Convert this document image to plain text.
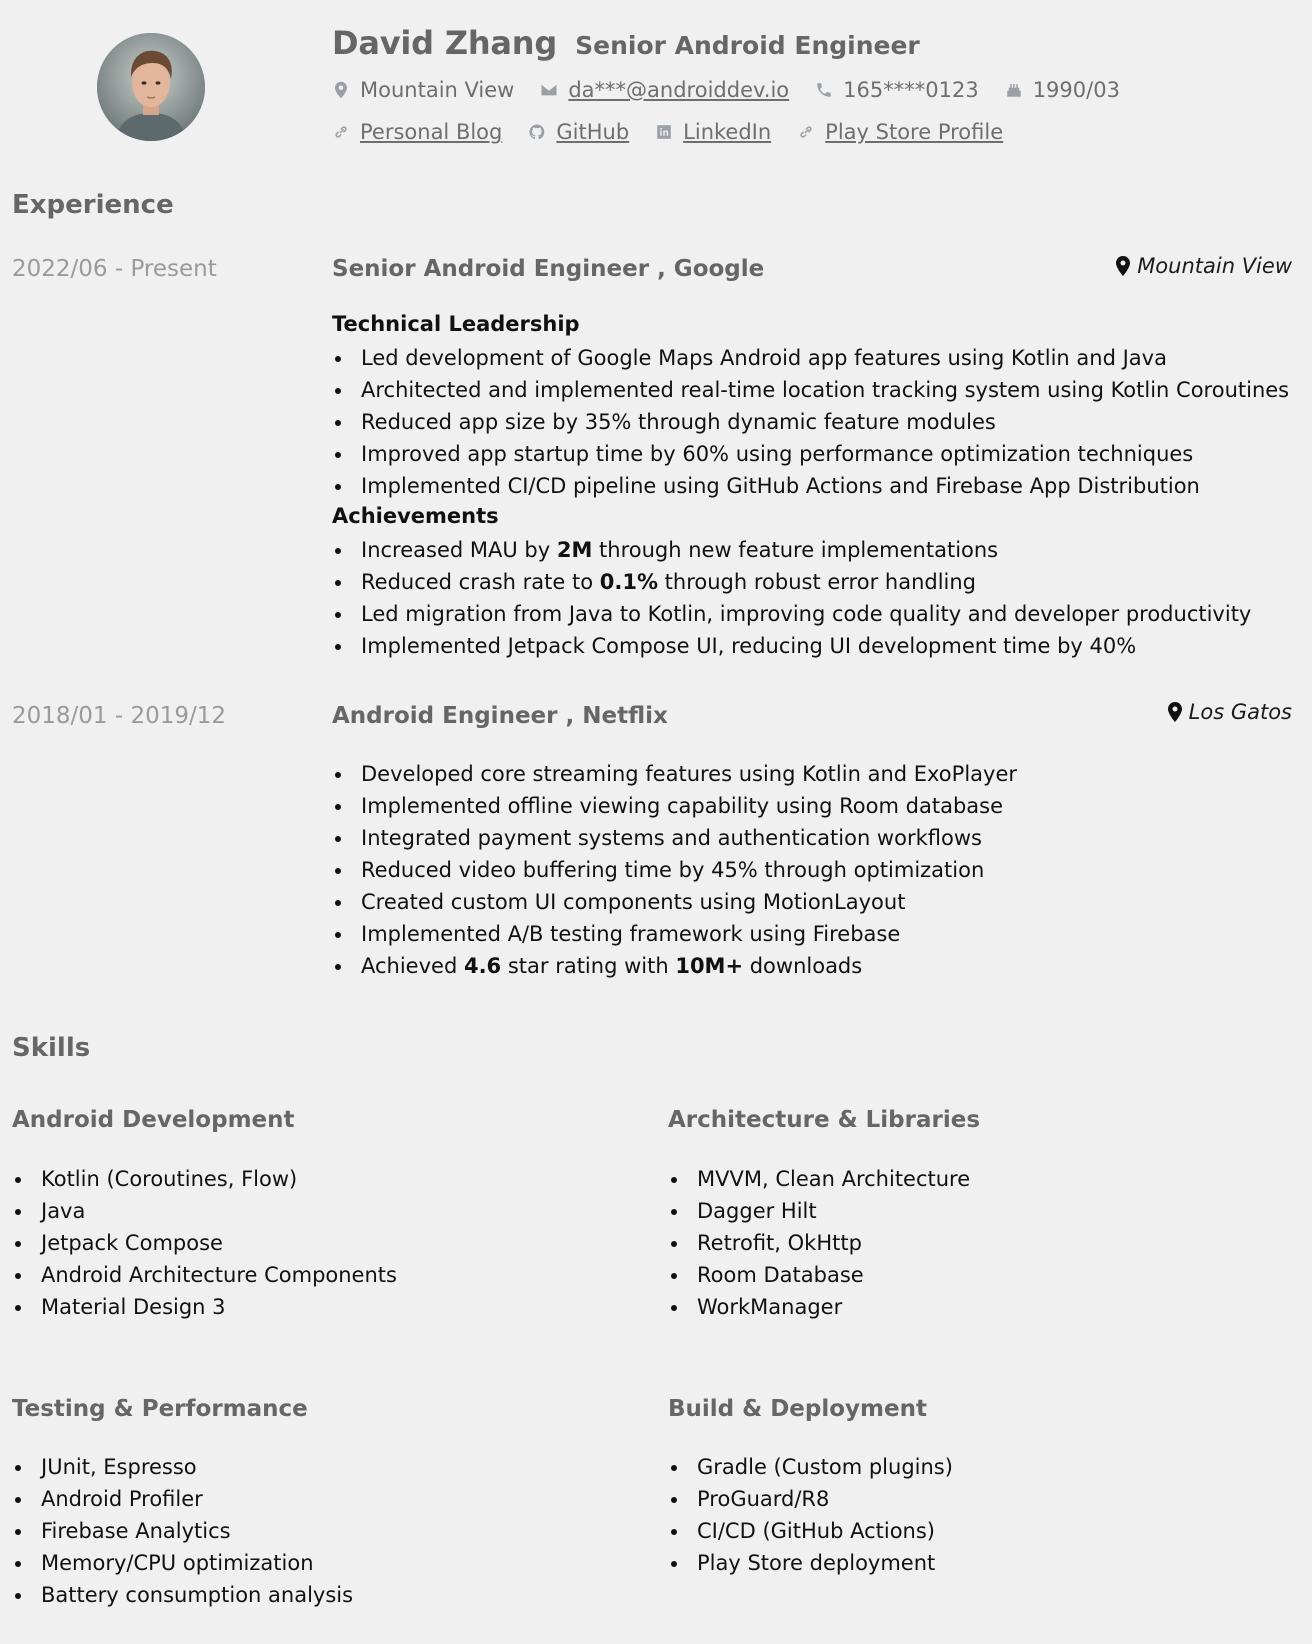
David Zhang Senior Android Engineer
Mountain View	da***@androiddev.io	165****0123	1990/03
Personal Blog	GitHub	LinkedIn	Play Store Profile
Experience
2022/06 - Present	Senior Android Engineer , Google	Mountain View
Technical Leadership
Led development of Google Maps Android app features using Kotlin and Java
Architected and implemented real-time location tracking system using Kotlin Coroutines
Reduced app size by 35% through dynamic feature modules
Improved app startup time by 60% using performance optimization techniques
Implemented CI/CD pipeline using GitHub Actions and Firebase App Distribution
Achievements
Increased MAU by 2M through new feature implementations
Reduced crash rate to 0.1% through robust error handling
Led migration from Java to Kotlin, improving code quality and developer productivity
Implemented Jetpack Compose UI, reducing UI development time by 40%
2018/01 - 2019/12	Android Engineer , Netflix	Los Gatos
Developed core streaming features using Kotlin and ExoPlayer
Implemented offline viewing capability using Room database
Integrated payment systems and authentication workflows
Reduced video buffering time by 45% through optimization
Created custom UI components using MotionLayout
Implemented A/B testing framework using Firebase
Achieved 4.6 star rating with 10M+ downloads
Skills
Android Development
Kotlin (Coroutines, Flow)
Java
Jetpack Compose
Android Architecture Components
Material Design 3
Architecture & Libraries
MVVM, Clean Architecture
Dagger Hilt
Retrofit, OkHttp
Room Database
WorkManager
Testing & Performance
JUnit, Espresso
Android Profiler
Firebase Analytics
Memory/CPU optimization
Battery consumption analysis
Build & Deployment
Gradle (Custom plugins)
ProGuard/R8
CI/CD (GitHub Actions)
Play Store deployment
